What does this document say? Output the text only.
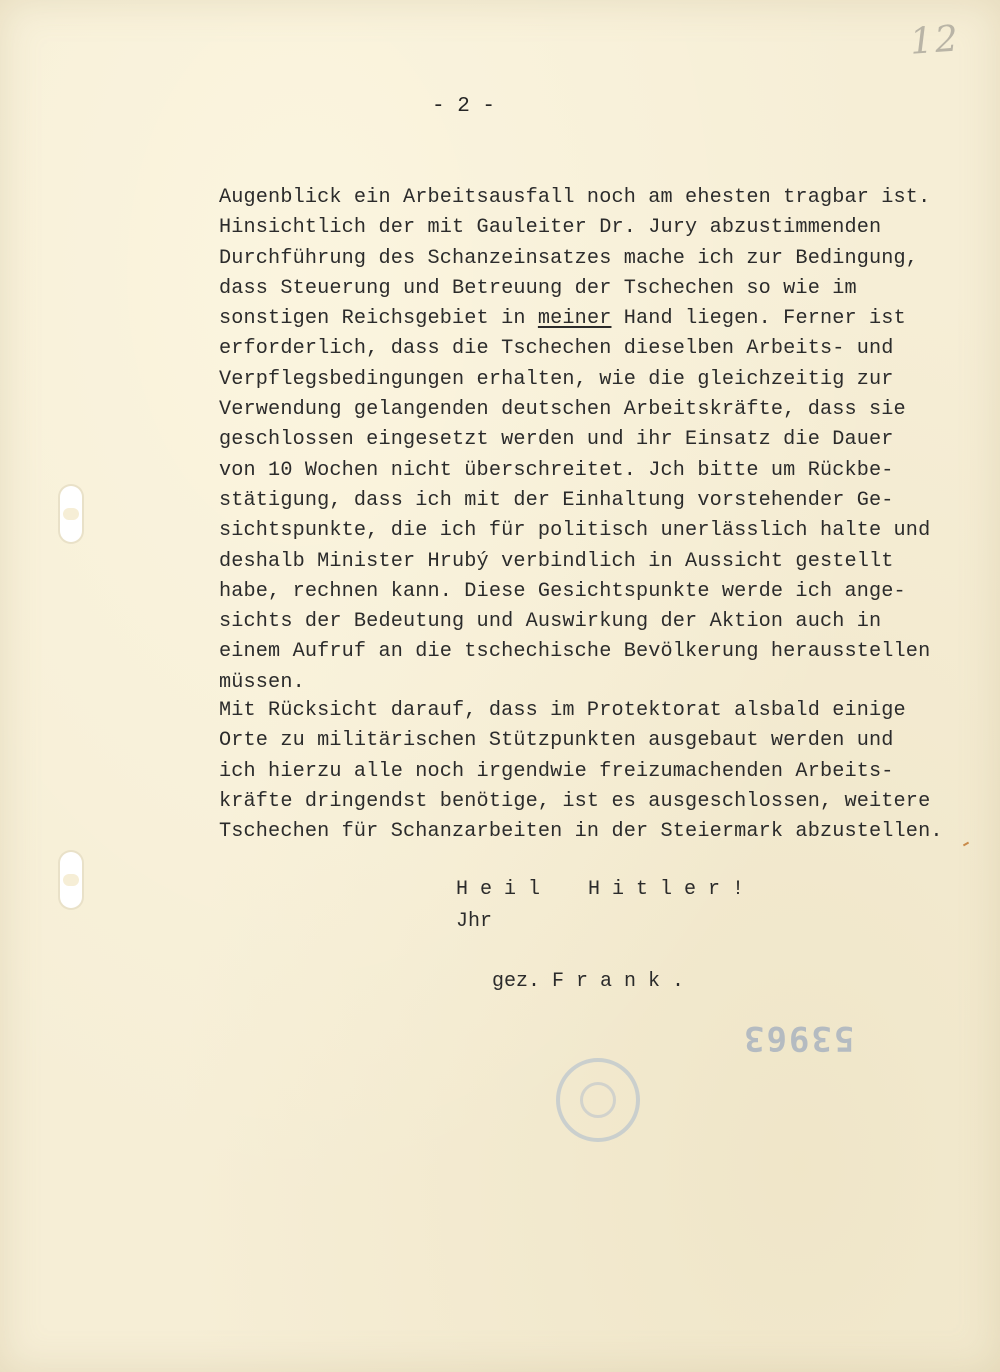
12
- 2 -
Augenblick ein Arbeitsausfall noch am ehesten tragbar ist.
Hinsichtlich der mit Gauleiter Dr. Jury abzustimmenden
Durchführung des Schanzeinsatzes mache ich zur Bedingung,
dass Steuerung und Betreuung der Tschechen so wie im
sonstigen Reichsgebiet in meiner Hand liegen. Ferner ist
erforderlich, dass die Tschechen dieselben Arbeits- und
Verpflegsbedingungen erhalten, wie die gleichzeitig zur
Verwendung gelangenden deutschen Arbeitskräfte, dass sie
geschlossen eingesetzt werden und ihr Einsatz die Dauer
von 10 Wochen nicht überschreitet. Jch bitte um Rückbe-
stätigung, dass ich mit der Einhaltung vorstehender Ge-
sichtspunkte, die ich für politisch unerlässlich halte und
deshalb Minister Hrubý verbindlich in Aussicht gestellt
habe, rechnen kann. Diese Gesichtspunkte werde ich ange-
sichts der Bedeutung und Auswirkung der Aktion auch in
einem Aufruf an die tschechische Bevölkerung herausstellen
müssen.
Mit Rücksicht darauf, dass im Protektorat alsbald einige
Orte zu militärischen Stützpunkten ausgebaut werden und
ich hierzu alle noch irgendwie freizumachenden Arbeits-
kräfte dringendst benötige, ist es ausgeschlossen, weitere
Tschechen für Schanzarbeiten in der Steiermark abzustellen.
H e i l    H i t l e r !
Jhr
gez. F r a n k .
53963
